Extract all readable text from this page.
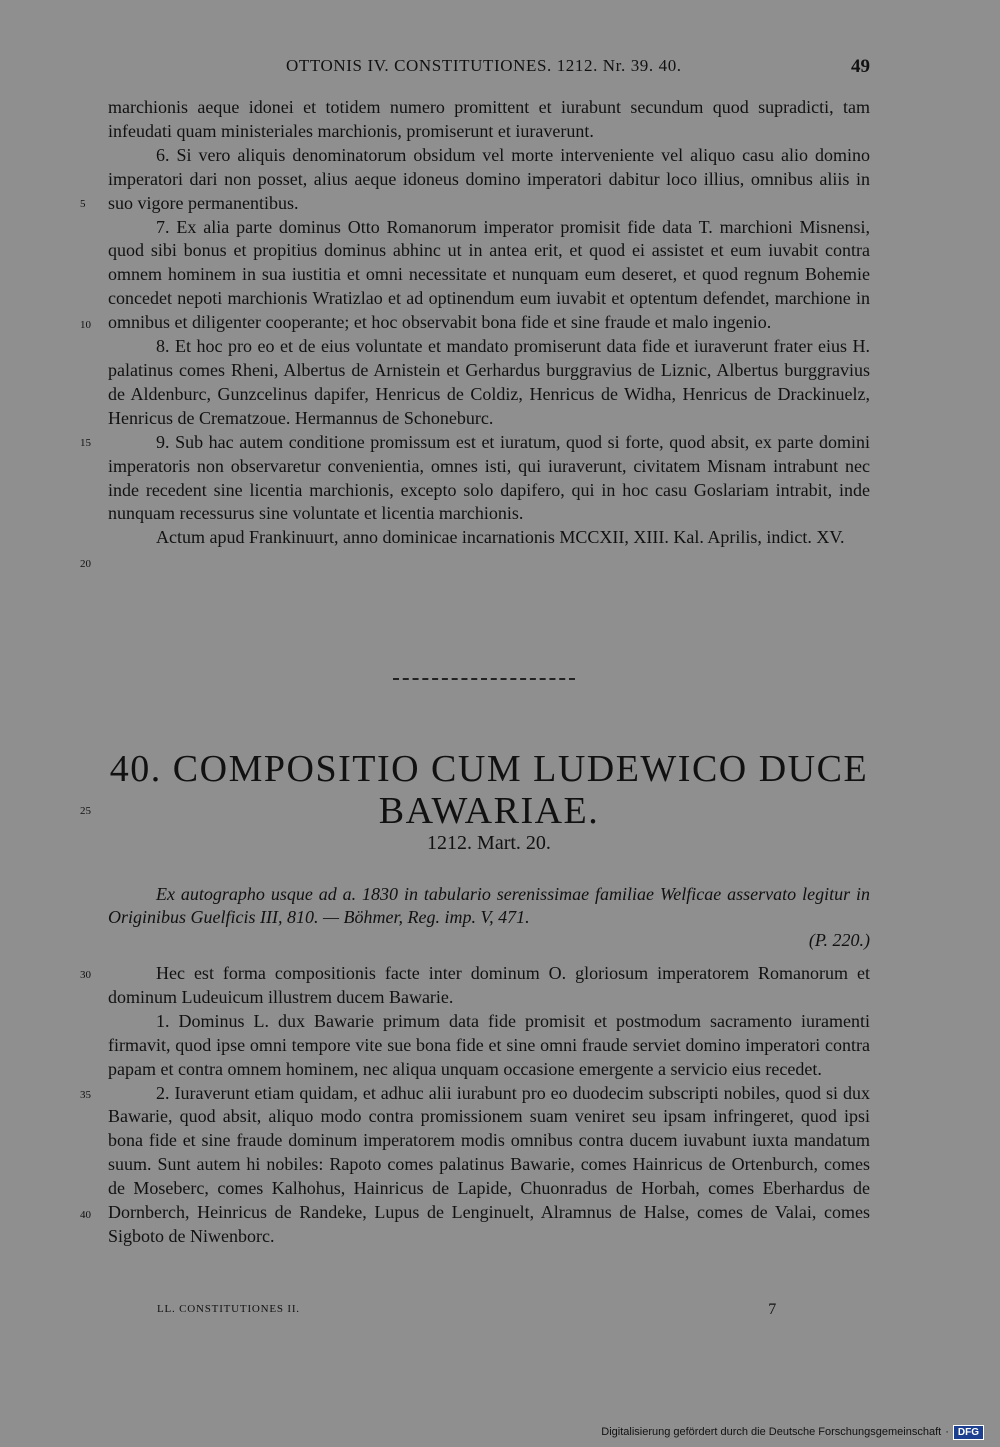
OTTONIS IV. CONSTITUTIONES. 1212. Nr. 39. 40.	49

marchionis aeque idonei et totidem numero promittent et iurabunt secundum quod supradicti, tam infeudati quam ministeriales marchionis, promiserunt et iuraverunt.

6. Si vero aliquis denominatorum obsidum vel morte interveniente vel aliquo casu alio domino imperatori dari non posset, alius aeque idoneus domino imperatori dabitur loco illius, omnibus aliis in suo vigore permanentibus.

7. Ex alia parte dominus Otto Romanorum imperator promisit fide data T. marchioni Misnensi, quod sibi bonus et propitius dominus abhinc ut in antea erit, et quod ei assistet et eum iuvabit contra omnem hominem in sua iustitia et omni necessitate et nunquam eum deseret, et quod regnum Bohemie concedet nepoti marchionis Wratizlao et ad optinendum eum iuvabit et optentum defendet, marchione in omnibus et diligenter cooperante; et hoc observabit bona fide et sine fraude et malo ingenio.

8. Et hoc pro eo et de eius voluntate et mandato promiserunt data fide et iuraverunt frater eius H. palatinus comes Rheni, Albertus de Arnistein et Gerhardus burggravius de Liznic, Albertus burggravius de Aldenburc, Gunzcelinus dapifer, Henricus de Coldiz, Henricus de Widha, Henricus de Drackinuelz, Henricus de Crematzoue. Hermannus de Schoneburc.

9. Sub hac autem conditione promissum est et iuratum, quod si forte, quod absit, ex parte domini imperatoris non observaretur convenientia, omnes isti, qui iuraverunt, civitatem Misnam intrabunt nec inde recedent sine licentia marchionis, excepto solo dapifero, qui in hoc casu Goslariam intrabit, inde nunquam recessurus sine voluntate et licentia marchionis.

Actum apud Frankinuurt, anno dominicae incarnationis MCCXII, XIII. Kal. Aprilis, indict. XV.

5
10
15
20
25
30
35
40
40. COMPOSITIO CUM LUDEWICO DUCE
BAWARIAE.
1212. Mart. 20.

Ex autographo usque ad a. 1830 in tabulario serenissimae familiae Welficae asservato legitur in Originibus Guelficis III, 810. — Böhmer, Reg. imp. V, 471.

(P. 220.)

Hec est forma compositionis facte inter dominum O. gloriosum imperatorem Romanorum et dominum Ludeuicum illustrem ducem Bawarie.

1. Dominus L. dux Bawarie primum data fide promisit et postmodum sacramento iuramenti firmavit, quod ipse omni tempore vite sue bona fide et sine omni fraude serviet domino imperatori contra papam et contra omnem hominem, nec aliqua unquam occasione emergente a servicio eius recedet.

2. Iuraverunt etiam quidam, et adhuc alii iurabunt pro eo duodecim subscripti nobiles, quod si dux Bawarie, quod absit, aliquo modo contra promissionem suam veniret seu ipsam infringeret, quod ipsi bona fide et sine fraude dominum imperatorem modis omnibus contra ducem iuvabunt iuxta mandatum suum. Sunt autem hi nobiles: Rapoto comes palatinus Bawarie, comes Hainricus de Ortenburch, comes de Moseberc, comes Kalhohus, Hainricus de Lapide, Chuonradus de Horbah, comes Eberhardus de Dornberch, Heinricus de Randeke, Lupus de Lenginuelt, Alramnus de Halse, comes de Valai, comes Sigboto de Niwenborc.

LL. CONSTITUTIONES II.	7
Digitalisierung gefördert durch die Deutsche Forschungsgemeinschaft · DFG
